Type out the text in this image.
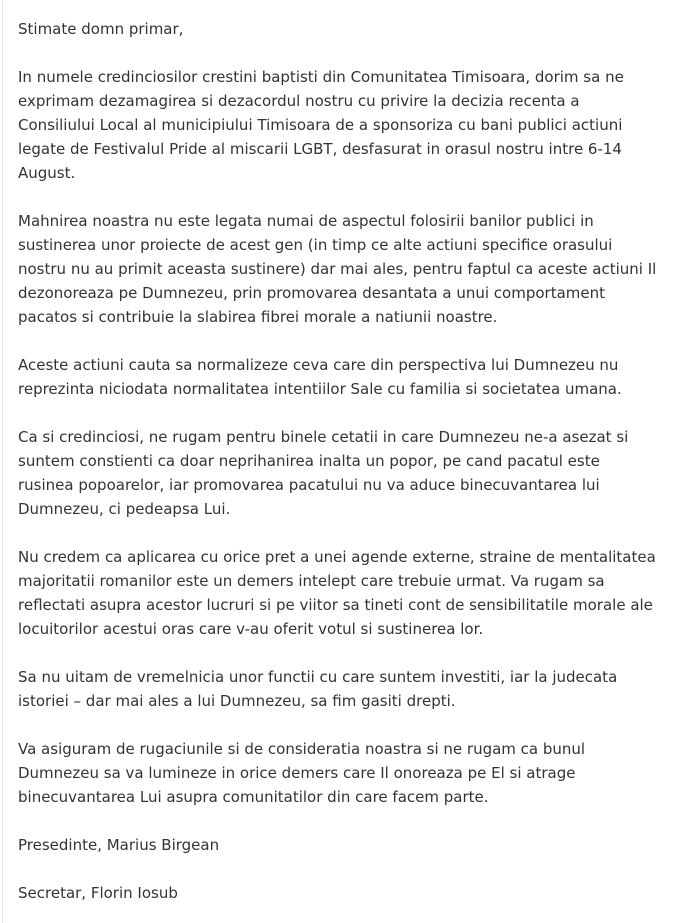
Stimate domn primar,

In numele credinciosilor crestini baptisti din Comunitatea Timisoara, dorim sa ne exprimam dezamagirea si dezacordul nostru cu privire la decizia recenta a Consiliului Local al municipiului Timisoara de a sponsoriza cu bani publici actiuni legate de Festivalul Pride al miscarii LGBT, desfasurat in orasul nostru intre 6-14 August.

Mahnirea noastra nu este legata numai de aspectul folosirii banilor publici in sustinerea unor proiecte de acest gen (in timp ce alte actiuni specifice orasului nostru nu au primit aceasta sustinere) dar mai ales, pentru faptul ca aceste actiuni Il dezonoreaza pe Dumnezeu, prin promovarea desantata a unui comportament pacatos si contribuie la slabirea fibrei morale a natiunii noastre.

Aceste actiuni cauta sa normalizeze ceva care din perspectiva lui Dumnezeu nu reprezinta niciodata normalitatea intentiilor Sale cu familia si societatea umana.

Ca si credinciosi, ne rugam pentru binele cetatii in care Dumnezeu ne-a asezat si suntem constienti ca doar neprihanirea inalta un popor, pe cand pacatul este rusinea popoarelor, iar promovarea pacatului nu va aduce binecuvantarea lui Dumnezeu, ci pedeapsa Lui.

Nu credem ca aplicarea cu orice pret a unei agende externe, straine de mentalitatea majoritatii romanilor este un demers intelept care trebuie urmat. Va rugam sa reflectati asupra acestor lucruri si pe viitor sa tineti cont de sensibilitatile morale ale locuitorilor acestui oras care v-au oferit votul si sustinerea lor.

Sa nu uitam de vremelnicia unor functii cu care suntem investiti, iar la judecata istoriei – dar mai ales a lui Dumnezeu, sa fim gasiti drepti.

Va asiguram de rugaciunile si de consideratia noastra si ne rugam ca bunul Dumnezeu sa va lumineze in orice demers care Il onoreaza pe El si atrage binecuvantarea Lui asupra comunitatilor din care facem parte.

Presedinte, Marius Birgean

Secretar, Florin Iosub
